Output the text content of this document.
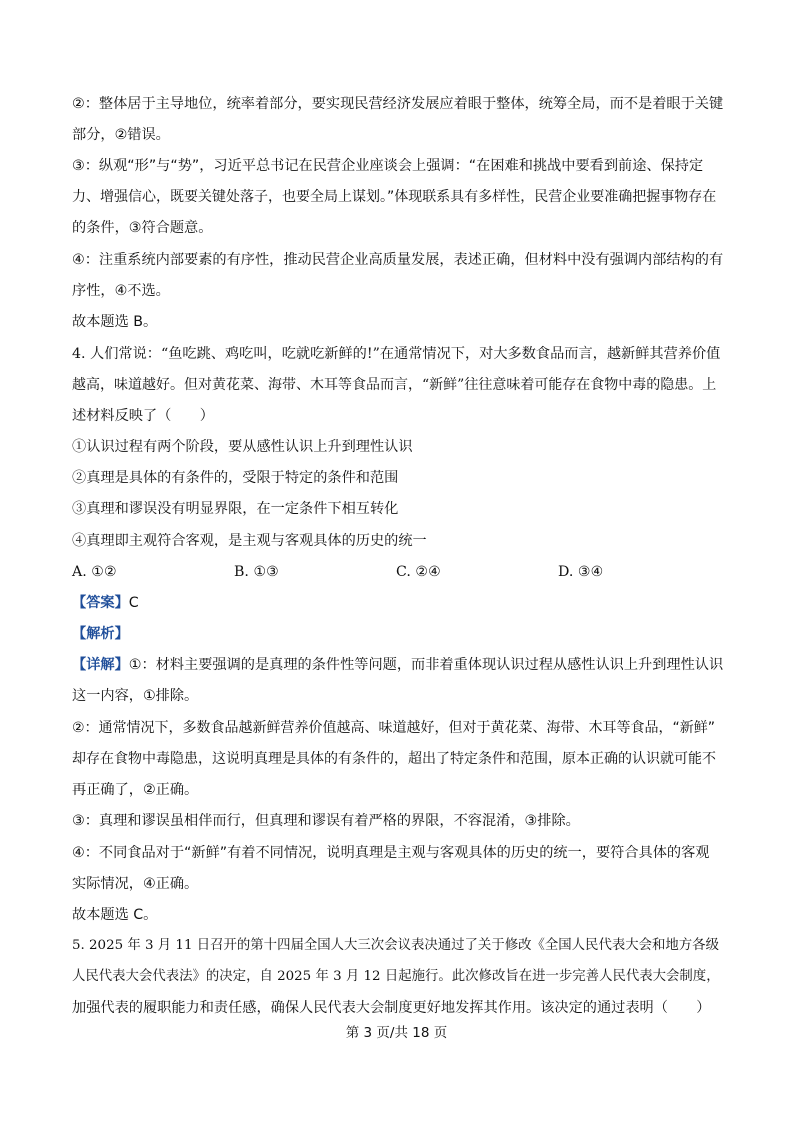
②：整体居于主导地位，统率着部分，要实现民营经济发展应着眼于整体，统筹全局，而不是着眼于关键
部分，②错误。
③：纵观“形”与“势”，习近平总书记在民营企业座谈会上强调：“在困难和挑战中要看到前途、保持定
力、增强信心，既要关键处落子，也要全局上谋划。”体现联系具有多样性，民营企业要准确把握事物存在
的条件，③符合题意。
④：注重系统内部要素的有序性，推动民营企业高质量发展，表述正确，但材料中没有强调内部结构的有
序性，④不选。
故本题选 B。
4. 人们常说：“鱼吃跳、鸡吃叫，吃就吃新鲜的!”在通常情况下，对大多数食品而言，越新鲜其营养价值
越高，味道越好。但对黄花菜、海带、木耳等食品而言，“新鲜”往往意味着可能存在食物中毒的隐患。上
述材料反映了（　　）
①认识过程有两个阶段，要从感性认识上升到理性认识
②真理是具体的有条件的，受限于特定的条件和范围
③真理和谬误没有明显界限，在一定条件下相互转化
④真理即主观符合客观，是主观与客观具体的历史的统一
A. ①②	B. ①③	C. ②④	D. ③④
【答案】C
【解析】
【详解】①：材料主要强调的是真理的条件性等问题，而非着重体现认识过程从感性认识上升到理性认识
这一内容，①排除。
②：通常情况下，多数食品越新鲜营养价值越高、味道越好，但对于黄花菜、海带、木耳等食品，“新鲜”
却存在食物中毒隐患，这说明真理是具体的有条件的，超出了特定条件和范围，原本正确的认识就可能不
再正确了，②正确。
③：真理和谬误虽相伴而行，但真理和谬误有着严格的界限，不容混淆，③排除。
④：不同食品对于“新鲜”有着不同情况，说明真理是主观与客观具体的历史的统一，要符合具体的客观
实际情况，④正确。
故本题选 C。
5. 2025 年 3 月 11 日召开的第十四届全国人大三次会议表决通过了关于修改《全国人民代表大会和地方各级
人民代表大会代表法》的决定，自 2025 年 3 月 12 日起施行。此次修改旨在进一步完善人民代表大会制度，
加强代表的履职能力和责任感，确保人民代表大会制度更好地发挥其作用。该决定的通过表明（　　）
第 3 页/共 18 页
